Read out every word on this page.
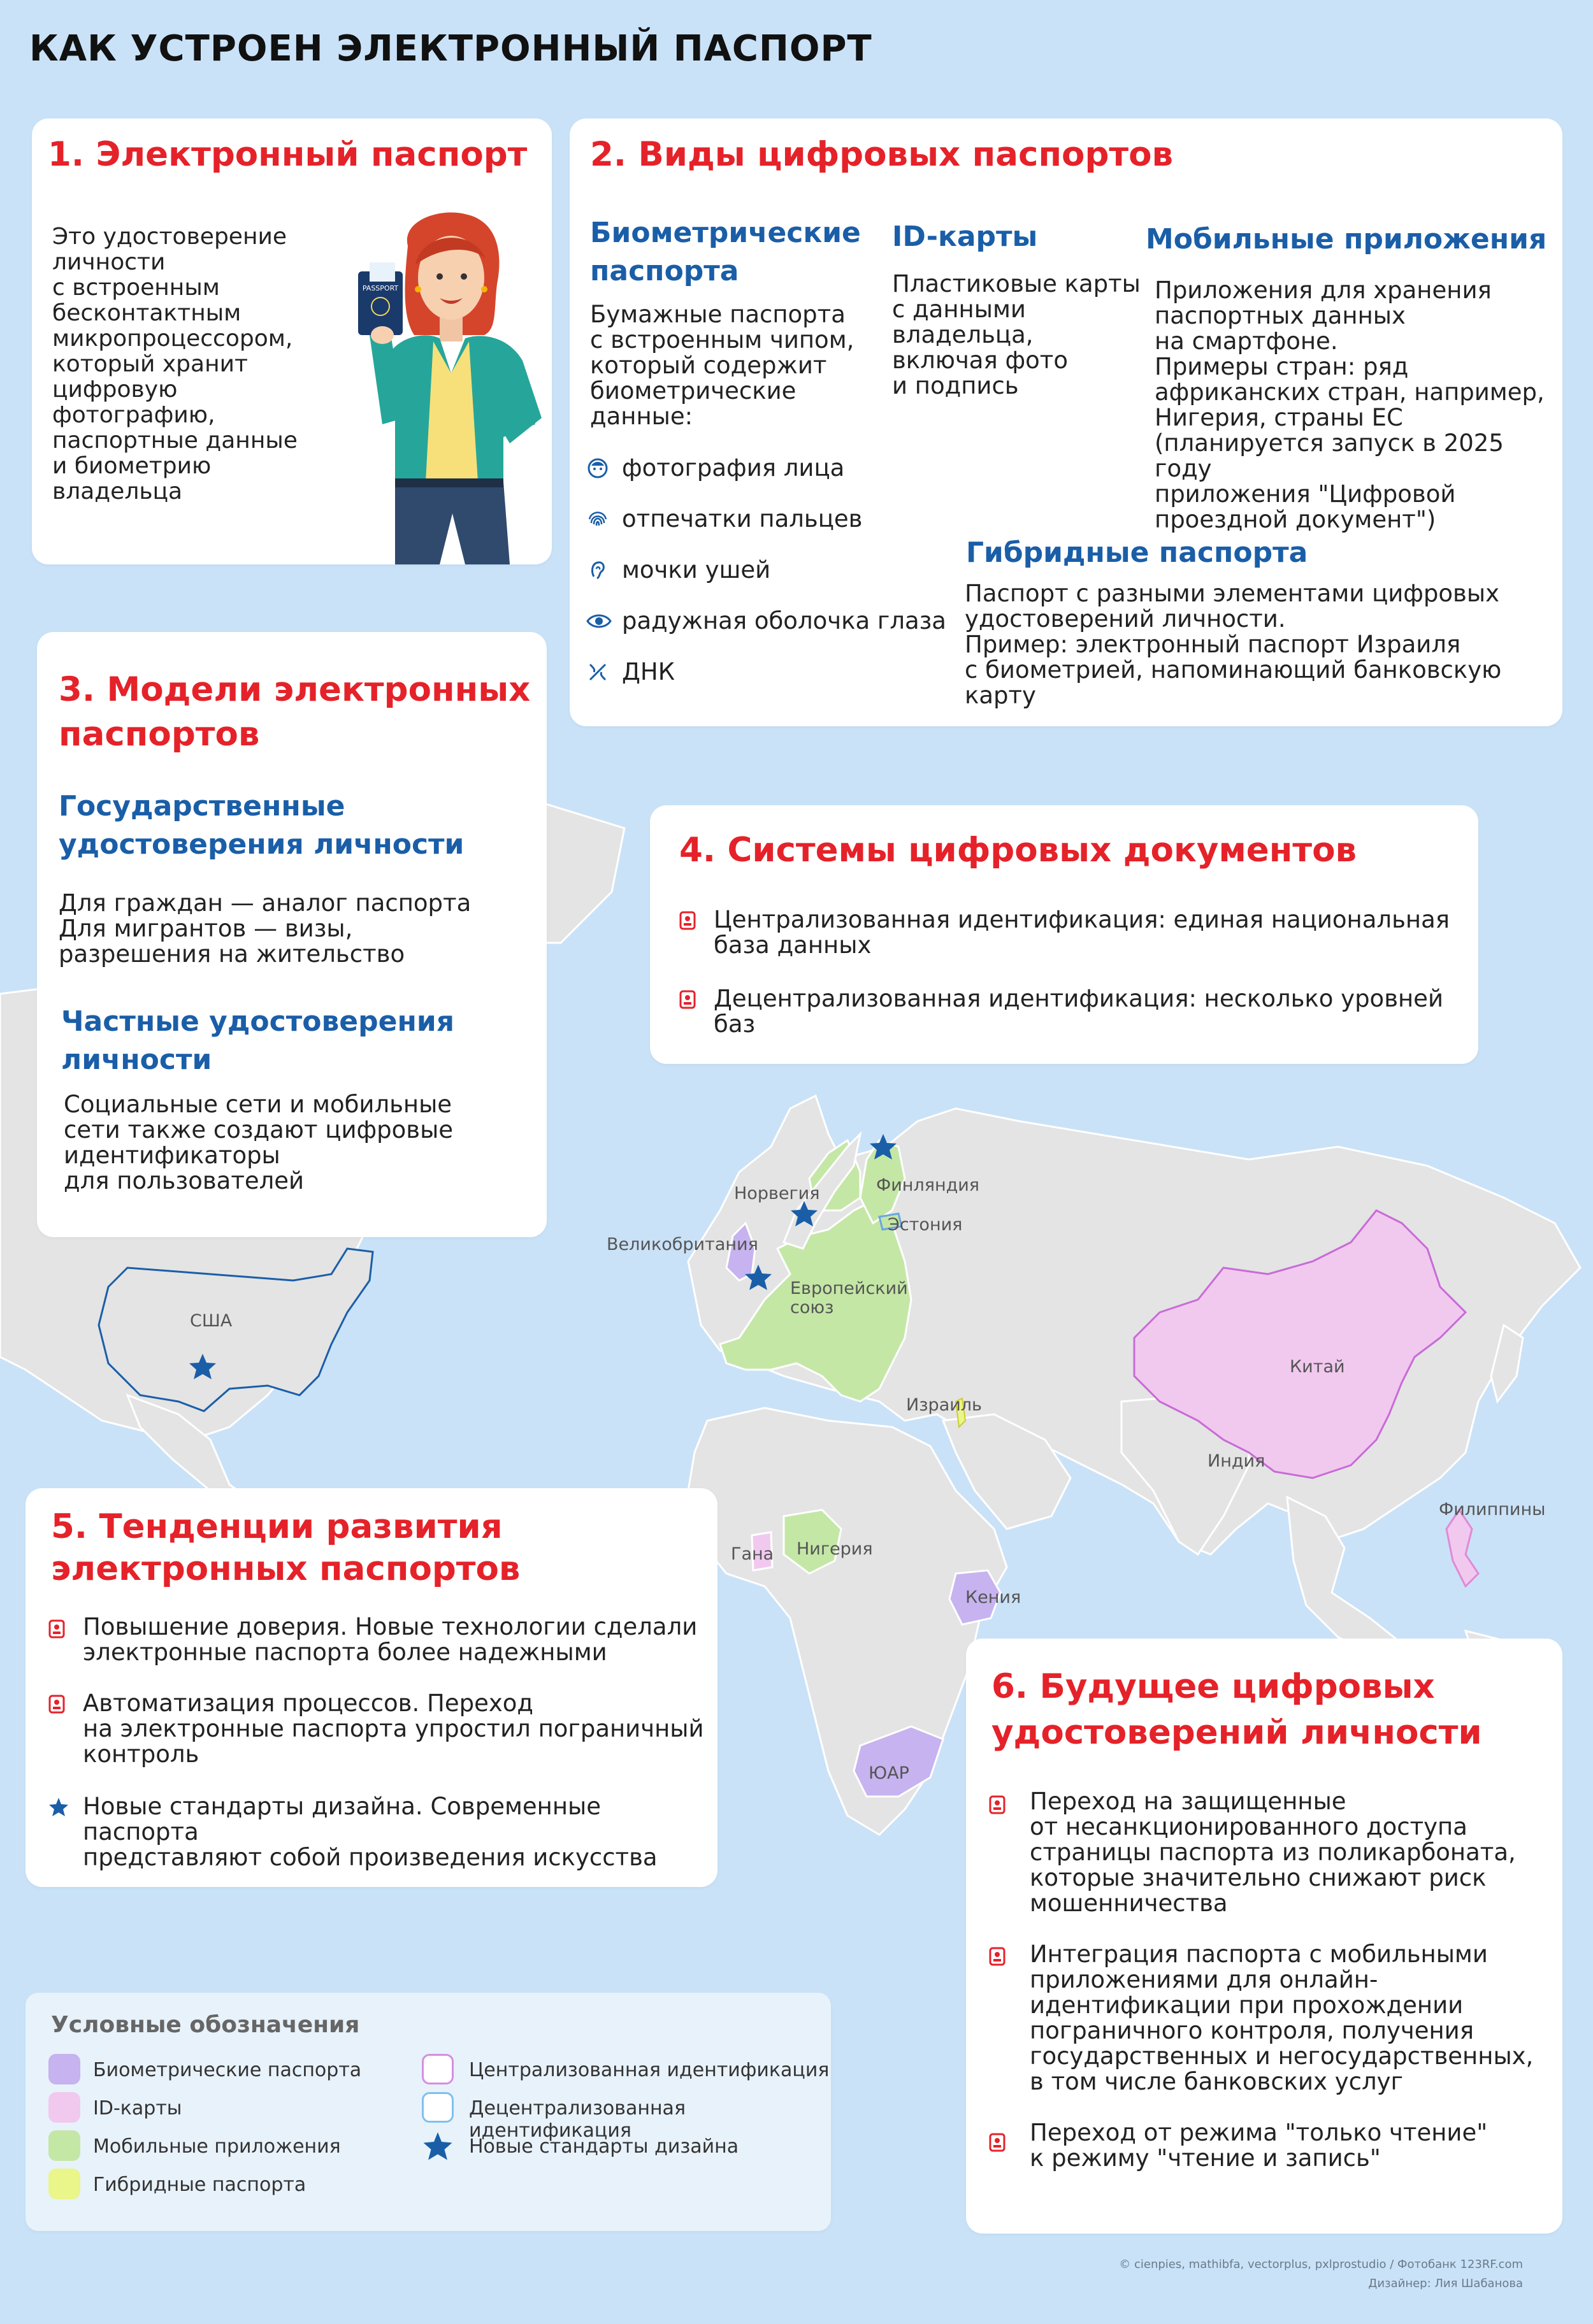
США
Великобритания
Норвегия	Финляндия
Эстония
Европейский
союз
Израиль
Китай
Индия
Филиппины
Гана Нигерия
Кения
ЮАР
КАК УСТРОЕН ЭЛЕКТРОННЫЙ ПАСПОРТ
1. Электронный паспорт
Это удостоверение
личности
с встроенным
бесконтактным
микропроцессором,
который хранит
цифровую
фотографию,
паспортные данные
и биометрию
владельца
PASSPORT
2. Виды цифровых паспортов
Биометрические
паспорта
Бумажные паспорта
с встроенным чипом,
который содержит
биометрические
данные:
фотография лица
отпечатки пальцев
мочки ушей
радужная оболочка глаза
ДНК
ID-карты
Пластиковые карты
с данными
владельца,
включая фото
и подпись
Мобильные приложения
Приложения для хранения
паспортных данных
на смартфоне.
Примеры стран: ряд
африканских стран, например,
Нигерия, страны ЕС
(планируется запуск в 2025 году
приложения "Цифровой
проездной документ")
Гибридные паспорта
Паспорт с разными элементами цифровых
удостоверений личности.
Пример: электронный паспорт Израиля
с биометрией, напоминающий банковскую карту
3. Модели электронных
паспортов
Государственные
удостоверения личности
Для граждан — аналог паспорта
Для мигрантов — визы,
разрешения на жительство
Частные удостоверения
личности
Социальные сети и мобильные
сети также создают цифровые
идентификаторы
для пользователей
4. Системы цифровых документов
Централизованная идентификация: единая национальная
база данных
Децентрализованная идентификация: несколько уровней баз
5. Тенденции развития
электронных паспортов
Повышение доверия. Новые технологии сделали
электронные паспорта более надежными
Автоматизация процессов. Переход
на электронные паспорта упростил пограничный
контроль
Новые стандарты дизайна. Современные паспорта
представляют собой произведения искусства
6. Будущее цифровых
удостоверений личности
Переход на защищенные
от несанкционированного доступа
страницы паспорта из поликарбоната,
которые значительно снижают риск
мошенничества
Интеграция паспорта с мобильными
приложениями для онлайн-
идентификации при прохождении
пограничного контроля, получения
государственных и негосударственных,
в том числе банковских услуг
Переход от режима "только чтение"
к режиму "чтение и запись"
Условные обозначения
Биометрические паспорта
ID-карты
Мобильные приложения
Гибридные паспорта
Централизованная идентификация
Децентрализованная идентификация
Новые стандарты дизайна
© cienpies, mathibfa, vectorplus, pxlprostudio / Фотобанк 123RF.com
Дизайнер: Лия Шабанова
